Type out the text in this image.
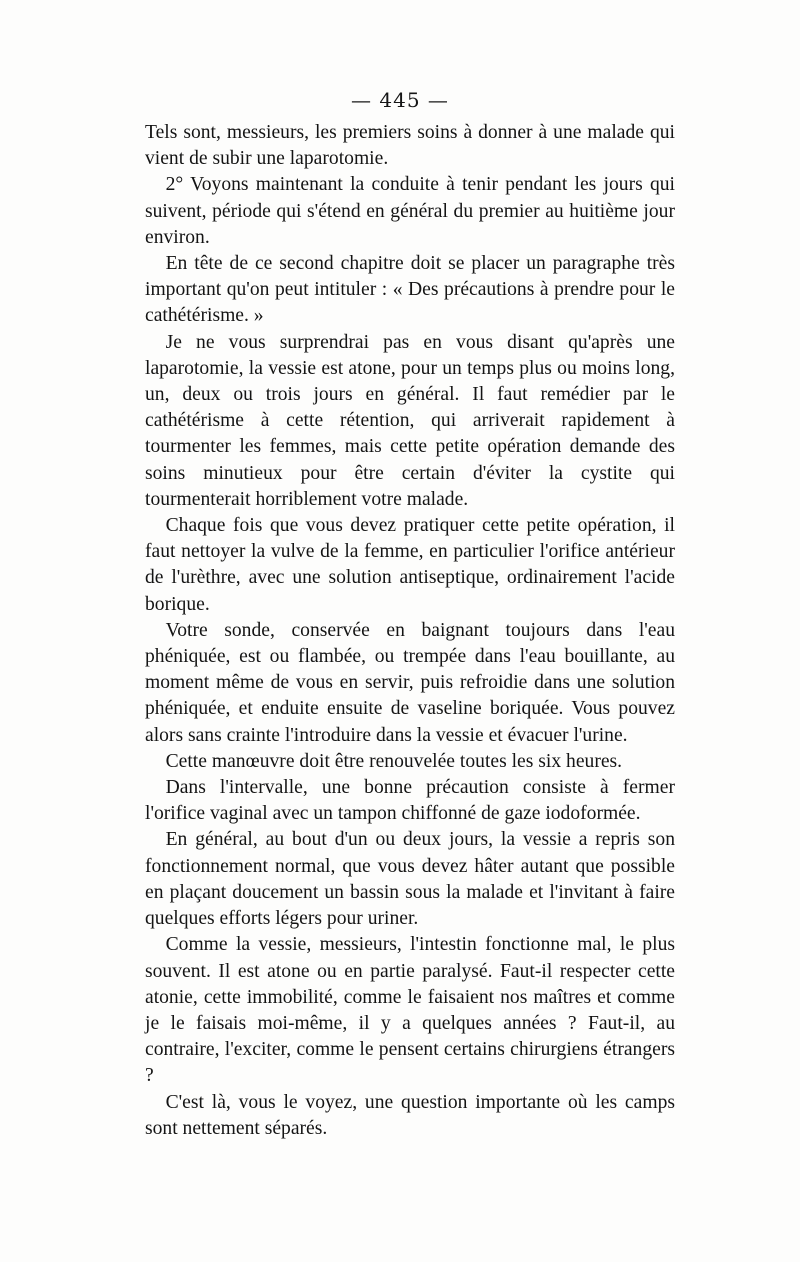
— 445 —

Tels sont, messieurs, les premiers soins à donner à une malade qui vient de subir une laparotomie.

2° Voyons maintenant la conduite à tenir pendant les jours qui suivent, période qui s'étend en général du premier au huitième jour environ.

En tête de ce second chapitre doit se placer un paragraphe très important qu'on peut intituler : « Des précautions à prendre pour le cathétérisme. »

Je ne vous surprendrai pas en vous disant qu'après une laparotomie, la vessie est atone, pour un temps plus ou moins long, un, deux ou trois jours en général. Il faut remédier par le cathétérisme à cette rétention, qui arriverait rapidement à tourmenter les femmes, mais cette petite opération demande des soins minutieux pour être certain d'éviter la cystite qui tourmenterait horriblement votre malade.

Chaque fois que vous devez pratiquer cette petite opération, il faut nettoyer la vulve de la femme, en particulier l'orifice antérieur de l'urèthre, avec une solution antiseptique, ordinairement l'acide borique.

Votre sonde, conservée en baignant toujours dans l'eau phéniquée, est ou flambée, ou trempée dans l'eau bouillante, au moment même de vous en servir, puis refroidie dans une solution phéniquée, et enduite ensuite de vaseline boriquée. Vous pouvez alors sans crainte l'introduire dans la vessie et évacuer l'urine.

Cette manœuvre doit être renouvelée toutes les six heures.

Dans l'intervalle, une bonne précaution consiste à fermer l'orifice vaginal avec un tampon chiffonné de gaze iodoformée.

En général, au bout d'un ou deux jours, la vessie a repris son fonctionnement normal, que vous devez hâter autant que possible en plaçant doucement un bassin sous la malade et l'invitant à faire quelques efforts légers pour uriner.

Comme la vessie, messieurs, l'intestin fonctionne mal, le plus souvent. Il est atone ou en partie paralysé. Faut-il respecter cette atonie, cette immobilité, comme le faisaient nos maîtres et comme je le faisais moi-même, il y a quelques années ? Faut-il, au contraire, l'exciter, comme le pensent certains chirurgiens étrangers ?

C'est là, vous le voyez, une question importante où les camps sont nettement séparés.
